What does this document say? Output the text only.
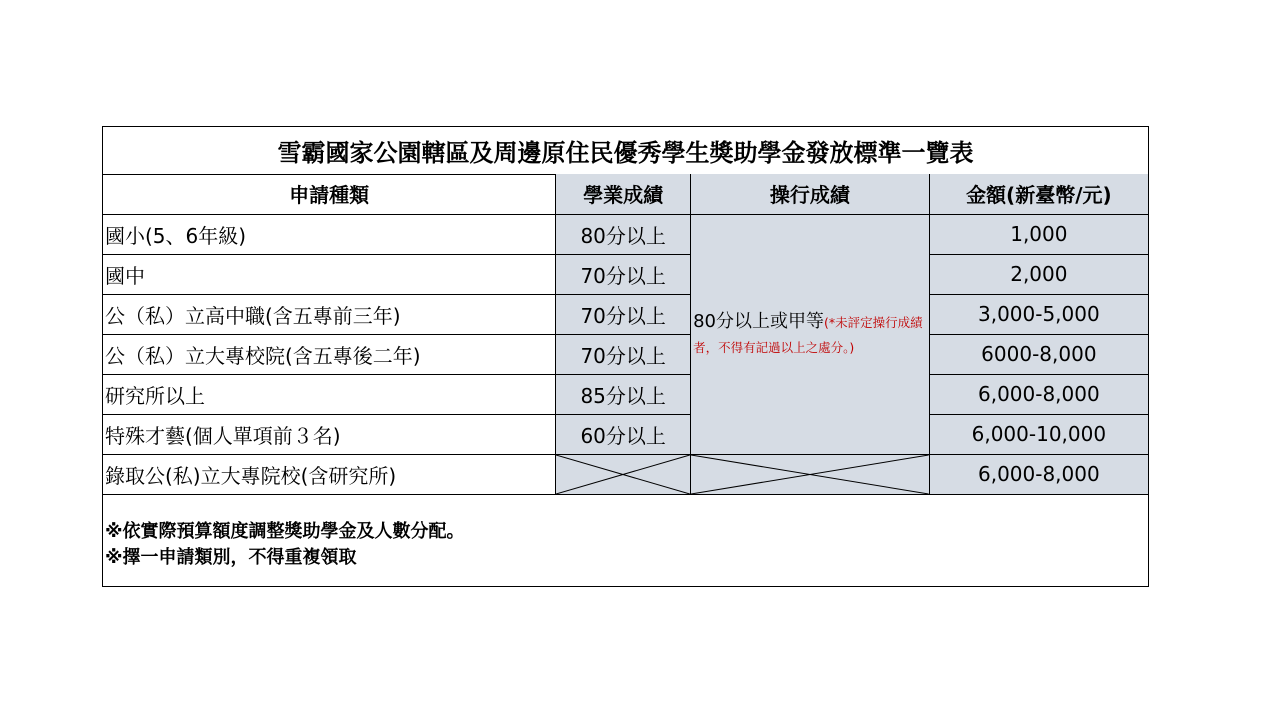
雪霸國家公園轄區及周邊原住民優秀學生獎助學金發放標準一覽表
申請種類	學業成績	操行成績	金額(新臺幣/元)
國小(5、6年級)	80分以上	80分以上或甲等(*未評定操行成績者，不得有記過以上之處分。)	1,000
國中	70分以上		2,000
公（私）立高中職(含五專前三年)	70分以上		3,000-5,000
公（私）立大專校院(含五專後二年)	70分以上		6000-8,000
研究所以上	85分以上		6,000-8,000
特殊才藝(個人單項前３名)	60分以上		6,000-10,000
錄取公(私)立大專院校(含研究所)			6,000-8,000
※依實際預算額度調整獎助學金及人數分配。
※擇一申請類別，不得重複領取
